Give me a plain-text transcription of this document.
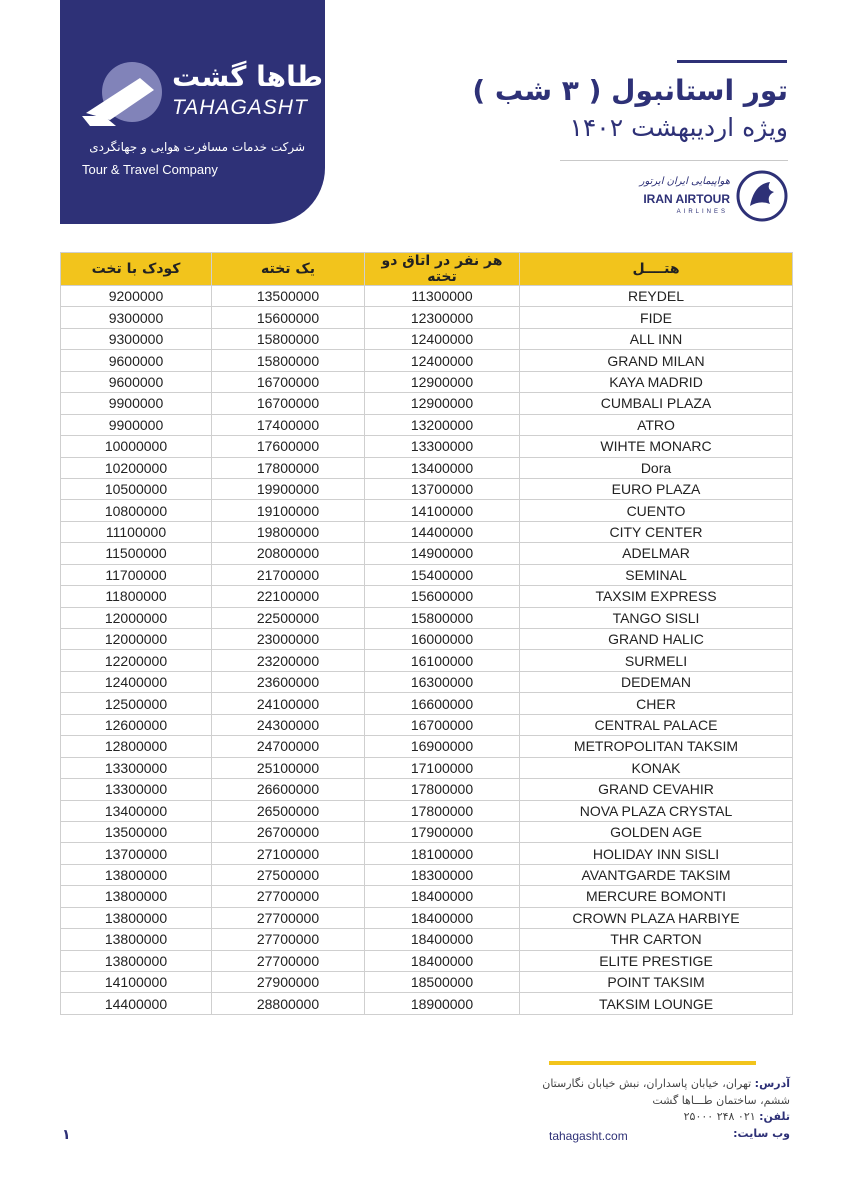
طاها گشت
TAHAGASHT
شرکت خدمات مسافرت هوایی و جهانگردی
Tour & Travel Company
تور استانبول ( ۳ شب )
ویژه اردیبهشت ۱۴۰۲
هواپیمایی ایران ایرتور
IRAN AIRTOUR
AIRLINES
کودک با تخت	یک تخته	هر نفر در اتاق دو تخته	هتــــل
9200000	13500000	11300000	REYDEL
9300000	15600000	12300000	FIDE
9300000	15800000	12400000	ALL INN
9600000	15800000	12400000	GRAND MILAN
9600000	16700000	12900000	KAYA MADRID
9900000	16700000	12900000	CUMBALI PLAZA
9900000	17400000	13200000	ATRO
10000000	17600000	13300000	WIHTE MONARC
10200000	17800000	13400000	Dora
10500000	19900000	13700000	EURO PLAZA
10800000	19100000	14100000	CUENTO
11100000	19800000	14400000	CITY CENTER
11500000	20800000	14900000	ADELMAR
11700000	21700000	15400000	SEMINAL
11800000	22100000	15600000	TAXSIM EXPRESS
12000000	22500000	15800000	TANGO SISLI
12000000	23000000	16000000	GRAND HALIC
12200000	23200000	16100000	SURMELI
12400000	23600000	16300000	DEDEMAN
12500000	24100000	16600000	CHER
12600000	24300000	16700000	CENTRAL PALACE
12800000	24700000	16900000	METROPOLITAN TAKSIM
13300000	25100000	17100000	KONAK
13300000	26600000	17800000	GRAND CEVAHIR
13400000	26500000	17800000	NOVA PLAZA CRYSTAL
13500000	26700000	17900000	GOLDEN AGE
13700000	27100000	18100000	HOLIDAY INN SISLI
13800000	27500000	18300000	AVANTGARDE TAKSIM
13800000	27700000	18400000	MERCURE BOMONTI
13800000	27700000	18400000	CROWN PLAZA HARBIYE
13800000	27700000	18400000	THR CARTON
13800000	27700000	18400000	ELITE PRESTIGE
14100000	27900000	18500000	POINT TAKSIM
14400000	28800000	18900000	TAKSIM LOUNGE
آدرس: تهران، خیابان پاسداران، نبش خیابان نگارستان
ششم، ساختمان طـــاها گشت
تلفن: ۰۲۱ ۲۴۸ ۲۵۰۰۰
وب سایت:
tahagasht.com
۱
